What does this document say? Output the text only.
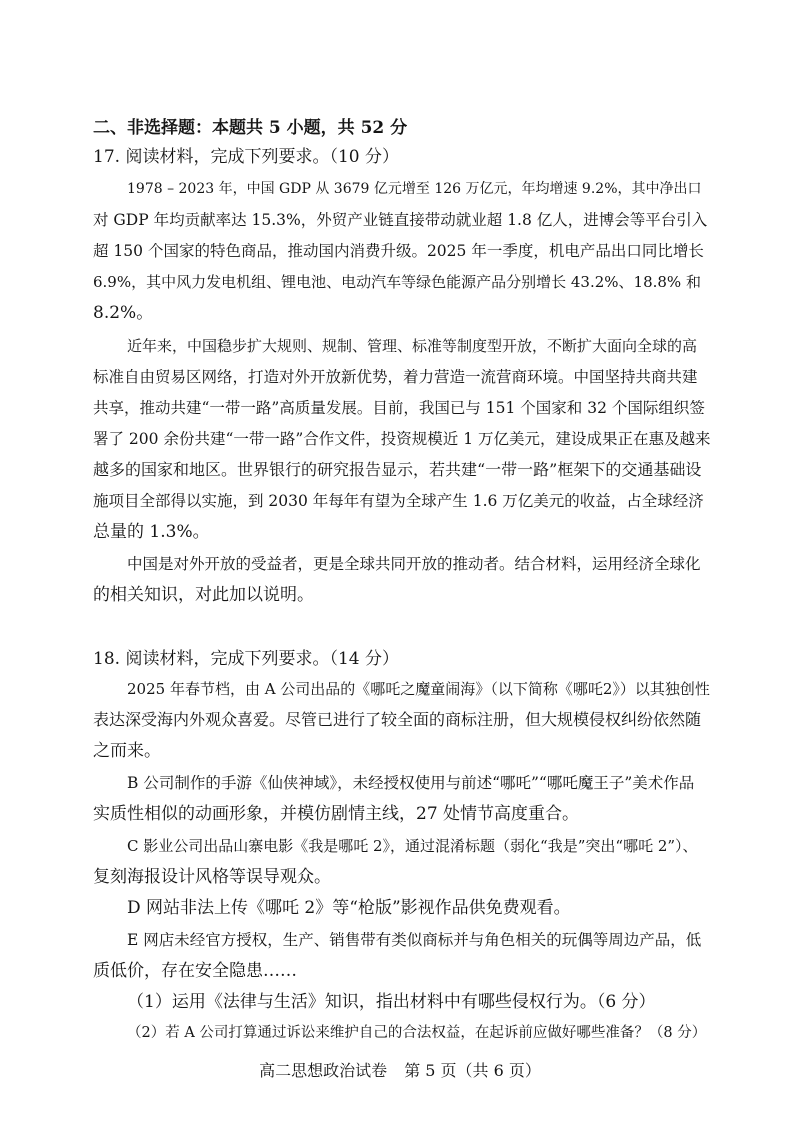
二、非选择题：本题共 5 小题，共 52 分
17. 阅读材料，完成下列要求。（10 分）
1978 – 2023 年，中国 GDP 从 3679 亿元增至 126 万亿元，年均增速 9.2%，其中净出口
对 GDP 年均贡献率达 15.3%，外贸产业链直接带动就业超 1.8 亿人，进博会等平台引入
超 150 个国家的特色商品，推动国内消费升级。2025 年一季度，机电产品出口同比增长
6.9%，其中风力发电机组、锂电池、电动汽车等绿色能源产品分别增长 43.2%、18.8% 和
8.2%。
近年来，中国稳步扩大规则、规制、管理、标准等制度型开放，不断扩大面向全球的高
标准自由贸易区网络，打造对外开放新优势，着力营造一流营商环境。中国坚持共商共建
共享，推动共建“一带一路”高质量发展。目前，我国已与 151 个国家和 32 个国际组织签
署了 200 余份共建“一带一路”合作文件，投资规模近 1 万亿美元，建设成果正在惠及越来
越多的国家和地区。世界银行的研究报告显示，若共建“一带一路”框架下的交通基础设
施项目全部得以实施，到 2030 年每年有望为全球产生 1.6 万亿美元的收益，占全球经济
总量的 1.3%。
中国是对外开放的受益者，更是全球共同开放的推动者。结合材料，运用经济全球化
的相关知识，对此加以说明。
18. 阅读材料，完成下列要求。（14 分）
2025 年春节档，由 A 公司出品的《哪吒之魔童闹海》（以下简称《哪吒2》）以其独创性
表达深受海内外观众喜爱。尽管已进行了较全面的商标注册，但大规模侵权纠纷依然随
之而来。
B 公司制作的手游《仙侠神域》，未经授权使用与前述“哪吒”“哪吒魔王子”美术作品
实质性相似的动画形象，并模仿剧情主线，27 处情节高度重合。
C 影业公司出品山寨电影《我是哪吒 2》，通过混淆标题（弱化“我是”突出“哪吒 2”）、
复刻海报设计风格等误导观众。
D 网站非法上传《哪吒 2》等“枪版”影视作品供免费观看。
E 网店未经官方授权，生产、销售带有类似商标并与角色相关的玩偶等周边产品，低
质低价，存在安全隐患……
（1）运用《法律与生活》知识，指出材料中有哪些侵权行为。（6 分）
（2）若 A 公司打算通过诉讼来维护自己的合法权益，在起诉前应做好哪些准备？（8 分）
高二思想政治试卷 第 5 页（共 6 页）
